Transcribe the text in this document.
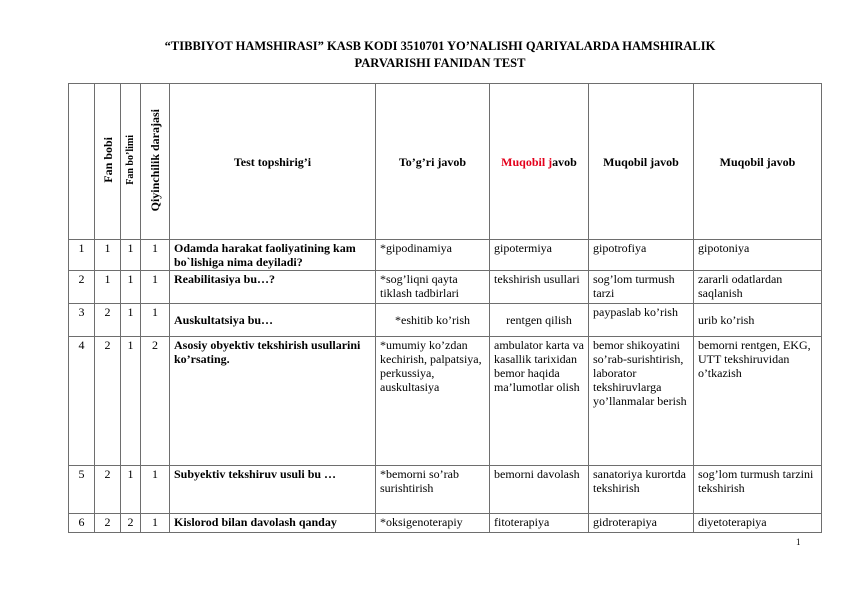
“TIBBIYOT HAMSHIRASI” KASB KODI 3510701 YO’NALISHI QARIYALARDA HAMSHIRALIK
PARVARISHI FANIDAN TEST
	Fan bobi	Fan bo’limi	Qiyinchilik darajasi	Test topshirig’i	To’g’ri javob	Muqobil javob	Muqobil javob	Muqobil javob
1	1	1	1	Odamda harakat faoliyatining kam bo`lishiga nima deyiladi?	*gipodinamiya	gipotermiya	gipotrofiya	gipotoniya
2	1	1	1	Reabilitasiya bu…?	*sog’liqni qayta tiklash tadbirlari	tekshirish usullari	sog’lom turmush tarzi	zararli odatlardan saqlanish
3	2	1	1	Auskultatsiya bu…	*eshitib ko’rish	rentgen qilish	paypaslab ko’rish	urib ko’rish
4	2	1	2	Asosiy obyektiv tekshirish usullarini ko’rsating.	*umumiy ko’zdan kechirish, palpatsiya, perkussiya, auskultasiya	ambulator karta va kasallik tarixidan bemor haqida ma’lumotlar olish	bemor shikoyatini so’rab-surishtirish, laborator tekshiruvlarga yo’llanmalar berish	bemorni rentgen, EKG, UTT tekshiruvidan o’tkazish
5	2	1	1	Subyektiv tekshiruv usuli bu …	*bemorni so’rab surishtirish	bemorni davolash	sanatoriya kurortda tekshirish	sog’lom turmush tarzini tekshirish
6	2	2	1	Kislorod bilan davolash qanday	*oksigenoterapiy	fitoterapiya	gidroterapiya	diyetoterapiya
1
